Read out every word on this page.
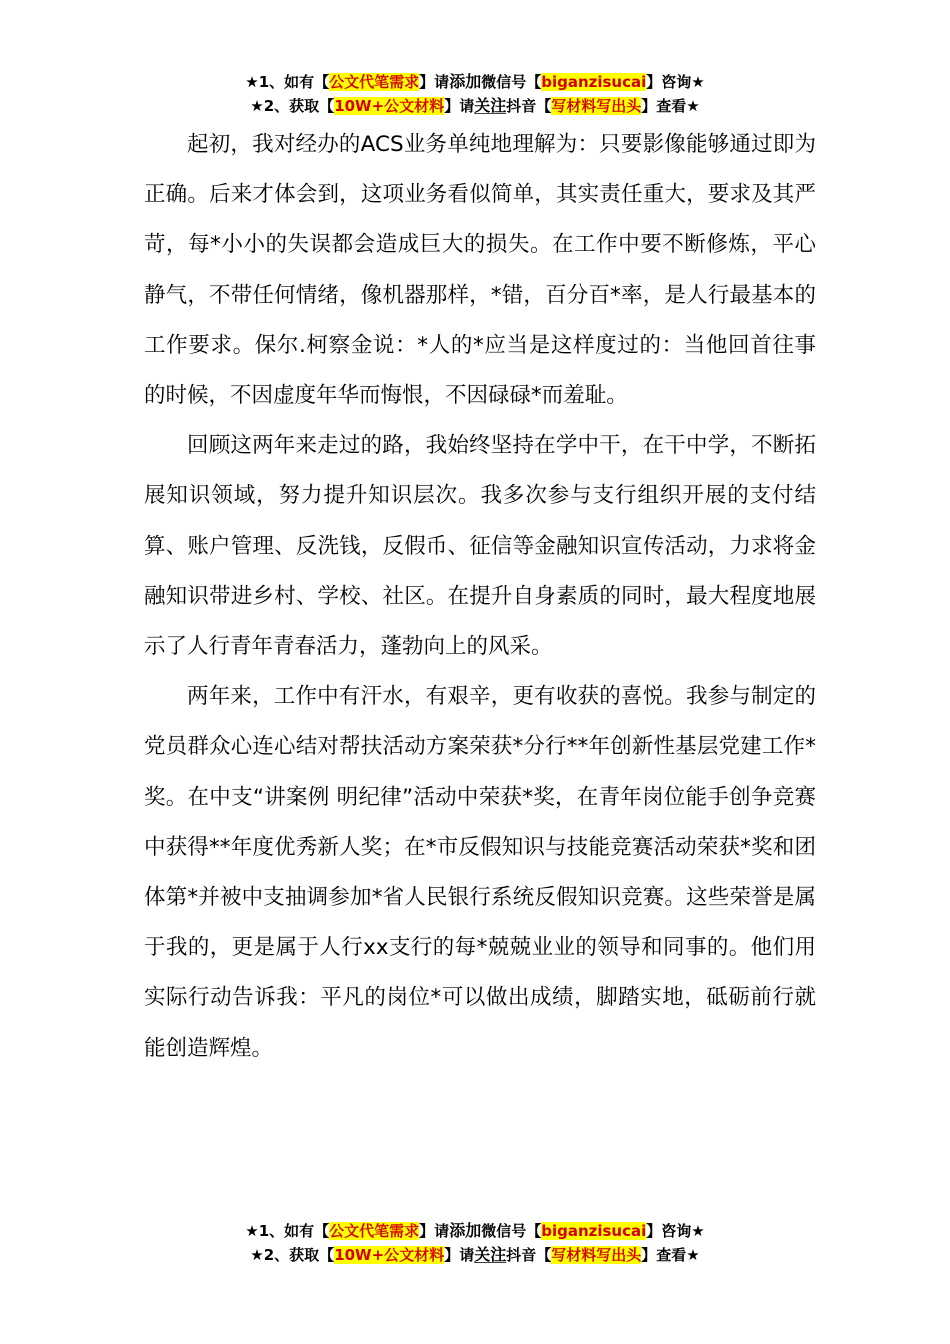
★1、如有【公文代笔需求】请添加微信号【biganzisucai】咨询★
★2、获取【10W+公文材料】请关注抖音【写材料写出头】查看★

起初，我对经办的ACS业务单纯地理解为：只要影像能够通过即为正确。后来才体会到，这项业务看似简单，其实责任重大，要求及其严苛，每*小小的失误都会造成巨大的损失。在工作中要不断修炼，平心静气，不带任何情绪，像机器那样，*错，百分百*率，是人行最基本的工作要求。保尔.柯察金说：*人的*应当是这样度过的：当他回首往事的时候，不因虚度年华而悔恨，不因碌碌*而羞耻。

回顾这两年来走过的路，我始终坚持在学中干，在干中学，不断拓展知识领域，努力提升知识层次。我多次参与支行组织开展的支付结算、账户管理、反洗钱，反假币、征信等金融知识宣传活动，力求将金融知识带进乡村、学校、社区。在提升自身素质的同时，最大程度地展示了人行青年青春活力，蓬勃向上的风采。

两年来，工作中有汗水，有艰辛，更有收获的喜悦。我参与制定的党员群众心连心结对帮扶活动方案荣获*分行**年创新性基层党建工作*奖。在中支“讲案例 明纪律”活动中荣获*奖，在青年岗位能手创争竞赛中获得**年度优秀新人奖；在*市反假知识与技能竞赛活动荣获*奖和团体第*并被中支抽调参加*省人民银行系统反假知识竞赛。这些荣誉是属于我的，更是属于人行xx支行的每*兢兢业业的领导和同事的。他们用实际行动告诉我：平凡的岗位*可以做出成绩，脚踏实地，砥砺前行就能创造辉煌。

★1、如有【公文代笔需求】请添加微信号【biganzisucai】咨询★
★2、获取【10W+公文材料】请关注抖音【写材料写出头】查看★
